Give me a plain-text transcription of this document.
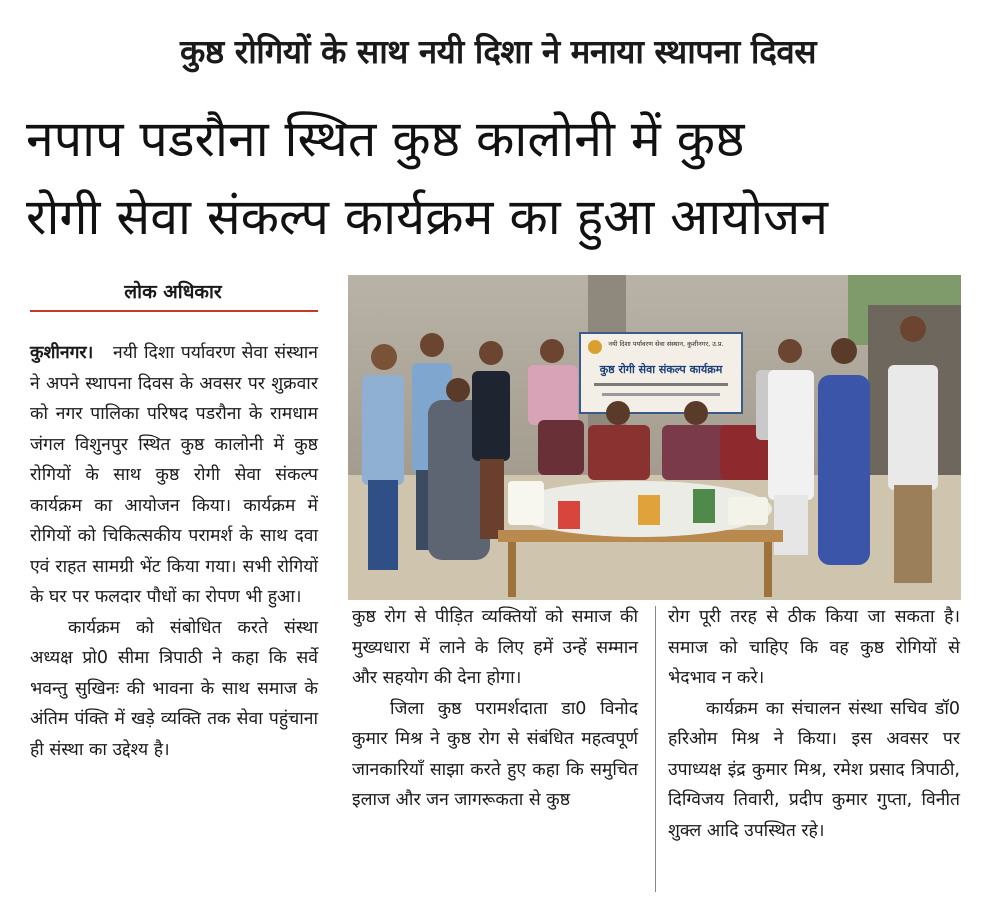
कुष्ठ रोगियों के साथ नयी दिशा ने मनाया स्थापना दिवस
नपाप पडरौना स्थित कुष्ठ कालोनी में कुष्ठ
रोगी सेवा संकल्प कार्यक्रम का हुआ आयोजन
लोक अधिकार

कुशीनगर। नयी दिशा पर्यावरण सेवा संस्थान ने अपने स्थापना दिवस के अवसर पर शुक्रवार को नगर पालिका परिषद पडरौना के रामधाम जंगल विशुनपुर स्थित कुष्ठ कालोनी में कुष्ठ रोगियों के साथ कुष्ठ रोगी सेवा संकल्प कार्यक्रम का आयोजन किया। कार्यक्रम में रोगियों को चिकित्सकीय परामर्श के साथ दवा एवं राहत सामग्री भेंट किया गया। सभी रोगियों के घर पर फलदार पौधों का रोपण भी हुआ।

कार्यक्रम को संबोधित करते संस्था अध्यक्ष प्रो0 सीमा त्रिपाठी ने कहा कि सर्वे भवन्तु सुखिनः की भावना के साथ समाज के अंतिम पंक्ति में खड़े व्यक्ति तक सेवा पहुंचाना ही संस्था का उद्देश्य है।

नयी दिशा पर्यावरण सेवा संस्थान, कुशीनगर, उ.प्र.
कुष्ठ रोगी सेवा संकल्प कार्यक्रम

कुष्ठ रोग से पीड़ित व्यक्तियों को समाज की मुख्यधारा में लाने के लिए हमें उन्हें सम्मान और सहयोग की देना होगा।

जिला कुष्ठ परामर्शदाता डा0 विनोद कुमार मिश्र ने कुष्ठ रोग से संबंधित महत्वपूर्ण जानकारियाँ साझा करते हुए कहा कि समुचित इलाज और जन जागरूकता से कुष्ठ

रोग पूरी तरह से ठीक किया जा सकता है। समाज को चाहिए कि वह कुष्ठ रोगियों से भेदभाव न करे।

कार्यक्रम का संचालन संस्था सचिव डॉ0 हरिओम मिश्र ने किया। इस अवसर पर उपाध्यक्ष इंद्र कुमार मिश्र, रमेश प्रसाद त्रिपाठी, दिग्विजय तिवारी, प्रदीप कुमार गुप्ता, विनीत शुक्ल आदि उपस्थित रहे।
